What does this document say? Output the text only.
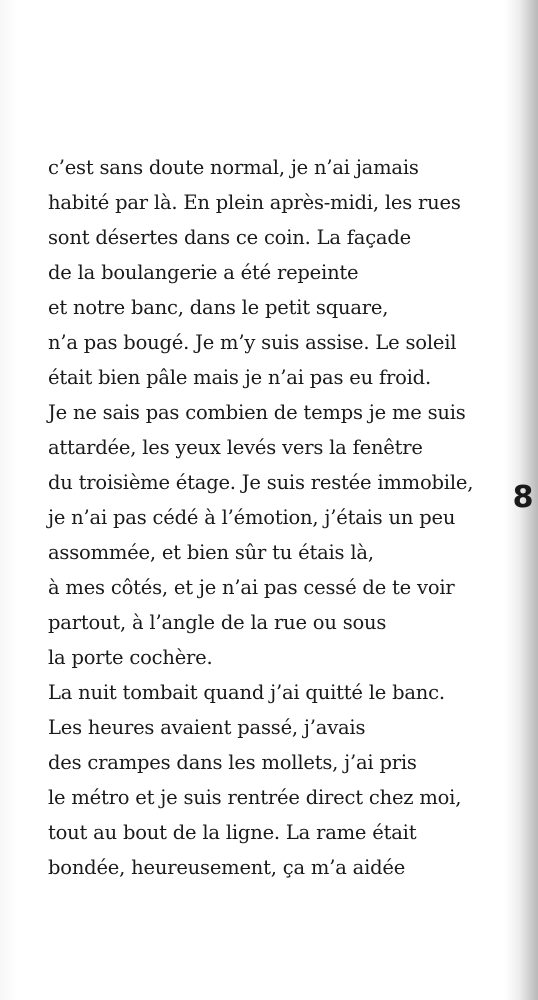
c’est sans doute normal, je n’ai jamais
habité par là. En plein après-midi, les rues
sont désertes dans ce coin. La façade
de la boulangerie a été repeinte
et notre banc, dans le petit square,
n’a pas bougé. Je m’y suis assise. Le soleil
était bien pâle mais je n’ai pas eu froid.
Je ne sais pas combien de temps je me suis
attardée, les yeux levés vers la fenêtre
du troisième étage. Je suis restée immobile,
je n’ai pas cédé à l’émotion, j’étais un peu
assommée, et bien sûr tu étais là,
à mes côtés, et je n’ai pas cessé de te voir
partout, à l’angle de la rue ou sous
la porte cochère.
La nuit tombait quand j’ai quitté le banc.
Les heures avaient passé, j’avais
des crampes dans les mollets, j’ai pris
le métro et je suis rentrée direct chez moi,
tout au bout de la ligne. La rame était
bondée, heureusement, ça m’a aidée
8
